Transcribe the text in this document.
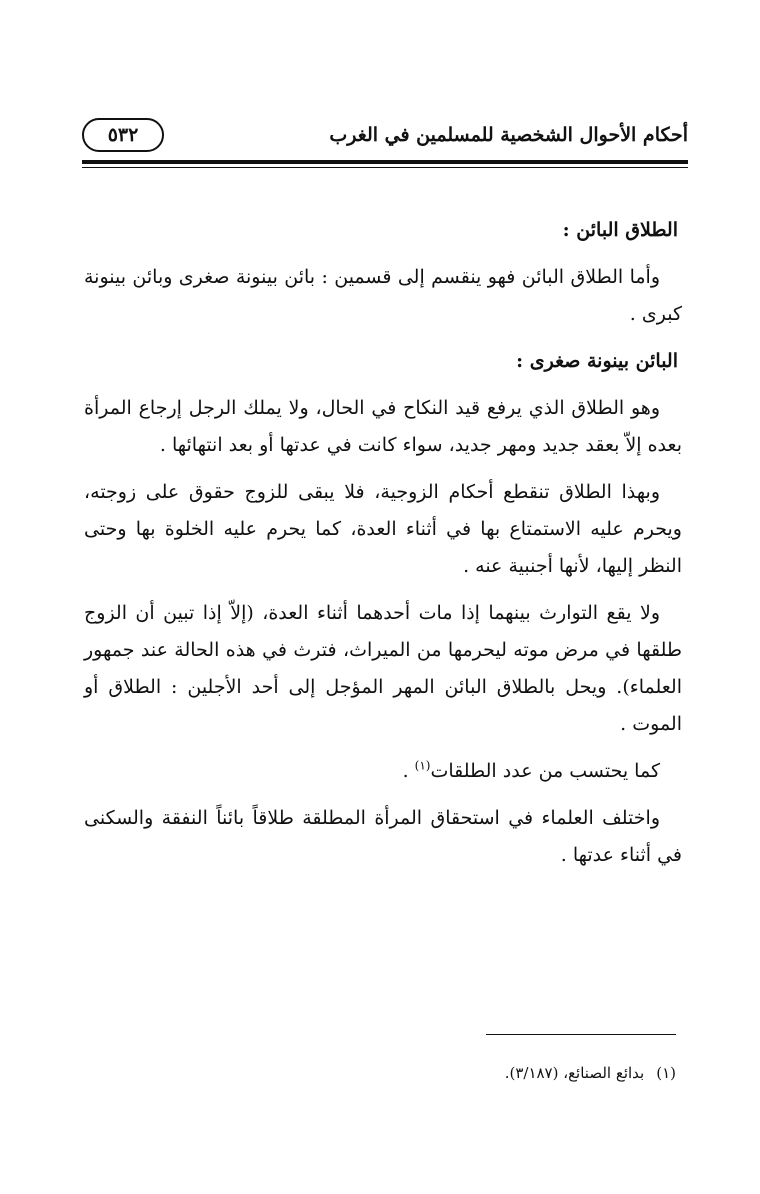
أحكام الأحوال الشخصية للمسلمين في الغرب
٥٣٢
الطلاق البائن :

وأما الطلاق البائن فهو ينقسم إلى قسمين : بائن بينونة صغرى وبائن بينونة كبرى .

البائن بينونة صغرى :

وهو الطلاق الذي يرفع قيد النكاح في الحال، ولا يملك الرجل إرجاع المرأة بعده إلاّ بعقد جديد ومهر جديد، سواء كانت في عدتها أو بعد انتهائها .

وبهذا الطلاق تنقطع أحكام الزوجية، فلا يبقى للزوج حقوق على زوجته، ويحرم عليه الاستمتاع بها في أثناء العدة، كما يحرم عليه الخلوة بها وحتى النظر إليها، لأنها أجنبية عنه .

ولا يقع التوارث بينهما إذا مات أحدهما أثناء العدة، (إلاّ إذا تبين أن الزوج طلقها في مرض موته ليحرمها من الميراث، فترث في هذه الحالة عند جمهور العلماء). ويحل بالطلاق البائن المهر المؤجل إلى أحد الأجلين : الطلاق أو الموت .

كما يحتسب من عدد الطلقات$^{(١)}$ .

واختلف العلماء في استحقاق المرأة المطلقة طلاقاً بائناً النفقة والسكنى في أثناء عدتها .

(١)بدائع الصنائع، (٣/١٨٧).
